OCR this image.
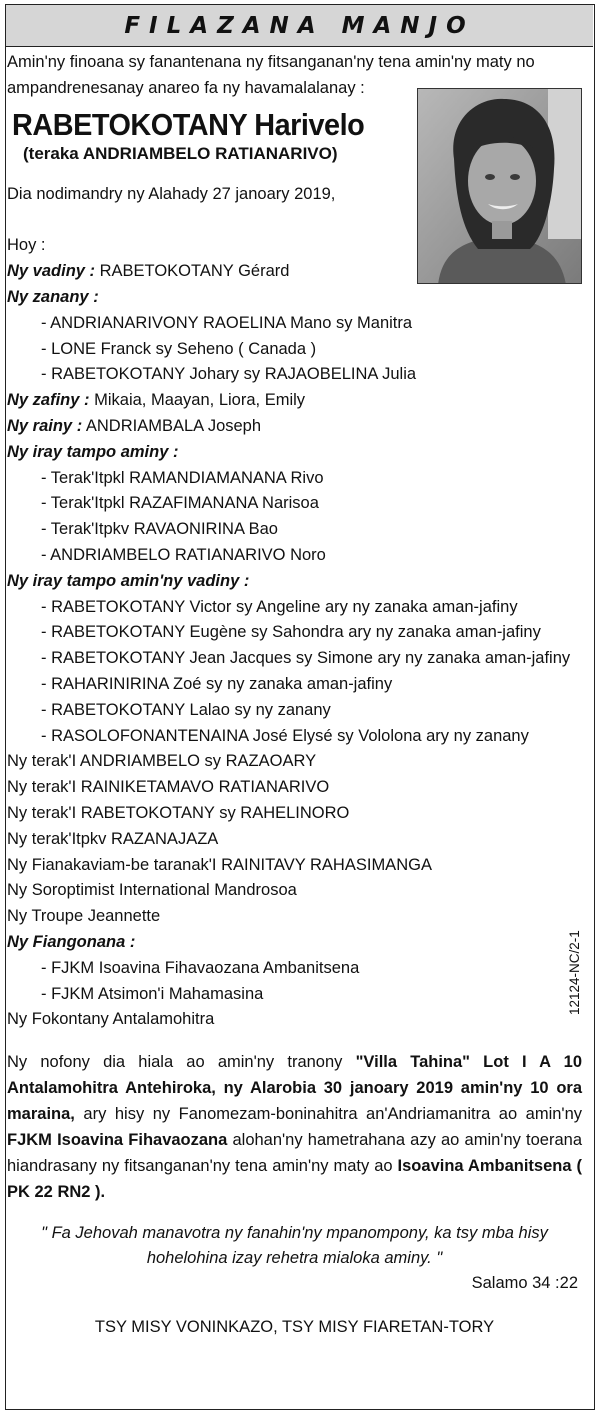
FILAZANA MANJO

Amin'ny finoana sy fanantenana ny fitsanganan'ny tena amin'ny maty no ampandrenesanay anareo fa ny havamalalanay :

RABETOKOTANY Harivelo
(teraka ANDRIAMBELO RATIANARIVO)
Dia nodimandry ny Alahady 27 janoary 2019,
Hoy :
Ny vadiny : RABETOKOTANY Gérard
Ny zanany :
- ANDRIANARIVONY RAOELINA Mano sy Manitra
- LONE Franck sy Seheno ( Canada )
- RABETOKOTANY Johary sy RAJAOBELINA Julia
Ny zafiny : Mikaia, Maayan, Liora, Emily
Ny rainy : ANDRIAMBALA Joseph
Ny iray tampo aminy :
- Terak'Itpkl RAMANDIAMANANA Rivo
- Terak'Itpkl RAZAFIMANANA Narisoa
- Terak'Itpkv RAVAONIRINA Bao
- ANDRIAMBELO RATIANARIVO Noro
Ny iray tampo amin'ny vadiny :
- RABETOKOTANY Victor sy Angeline ary ny zanaka aman-jafiny
- RABETOKOTANY Eugène sy Sahondra ary ny zanaka aman-jafiny
- RABETOKOTANY Jean Jacques sy Simone ary ny zanaka aman-jafiny
- RAHARINIRINA Zoé sy ny zanaka aman-jafiny
- RABETOKOTANY Lalao sy ny zanany
- RASOLOFONANTENAINA José Elysé sy Vololona ary ny zanany
Ny terak'I ANDRIAMBELO sy RAZAOARY
Ny terak'I RAINIKETAMAVO RATIANARIVO
Ny terak'I RABETOKOTANY sy RAHELINORO
Ny terak'Itpkv RAZANAJAZA
Ny Fianakaviam-be taranak'I RAINITAVY RAHASIMANGA
Ny Soroptimist International Mandrosoa
Ny Troupe Jeannette
Ny Fiangonana :
- FJKM Isoavina Fihavaozana Ambanitsena
- FJKM Atsimon'i Mahamasina
Ny Fokontany Antalamohitra

Ny nofony dia hiala ao amin'ny tranony "Villa Tahina" Lot I A 10 Antalamohitra Antehiroka, ny Alarobia 30 janoary 2019 amin'ny 10 ora maraina, ary hisy ny Fanomezam-boninahitra an'Andriamanitra ao amin'ny FJKM Isoavina Fihavaozana alohan'ny hametrahana azy ao amin'ny toerana hiandrasany ny fitsanganan'ny tena amin'ny maty ao Isoavina Ambanitsena ( PK 22 RN2 ).

" Fa Jehovah manavotra ny fanahin'ny mpanompony, ka tsy mba hisy hohelohina izay rehetra mialoka aminy. "

Salamo 34 :22
TSY MISY VONINKAZO, TSY MISY FIARETAN-TORY
12124-NC/2-1
